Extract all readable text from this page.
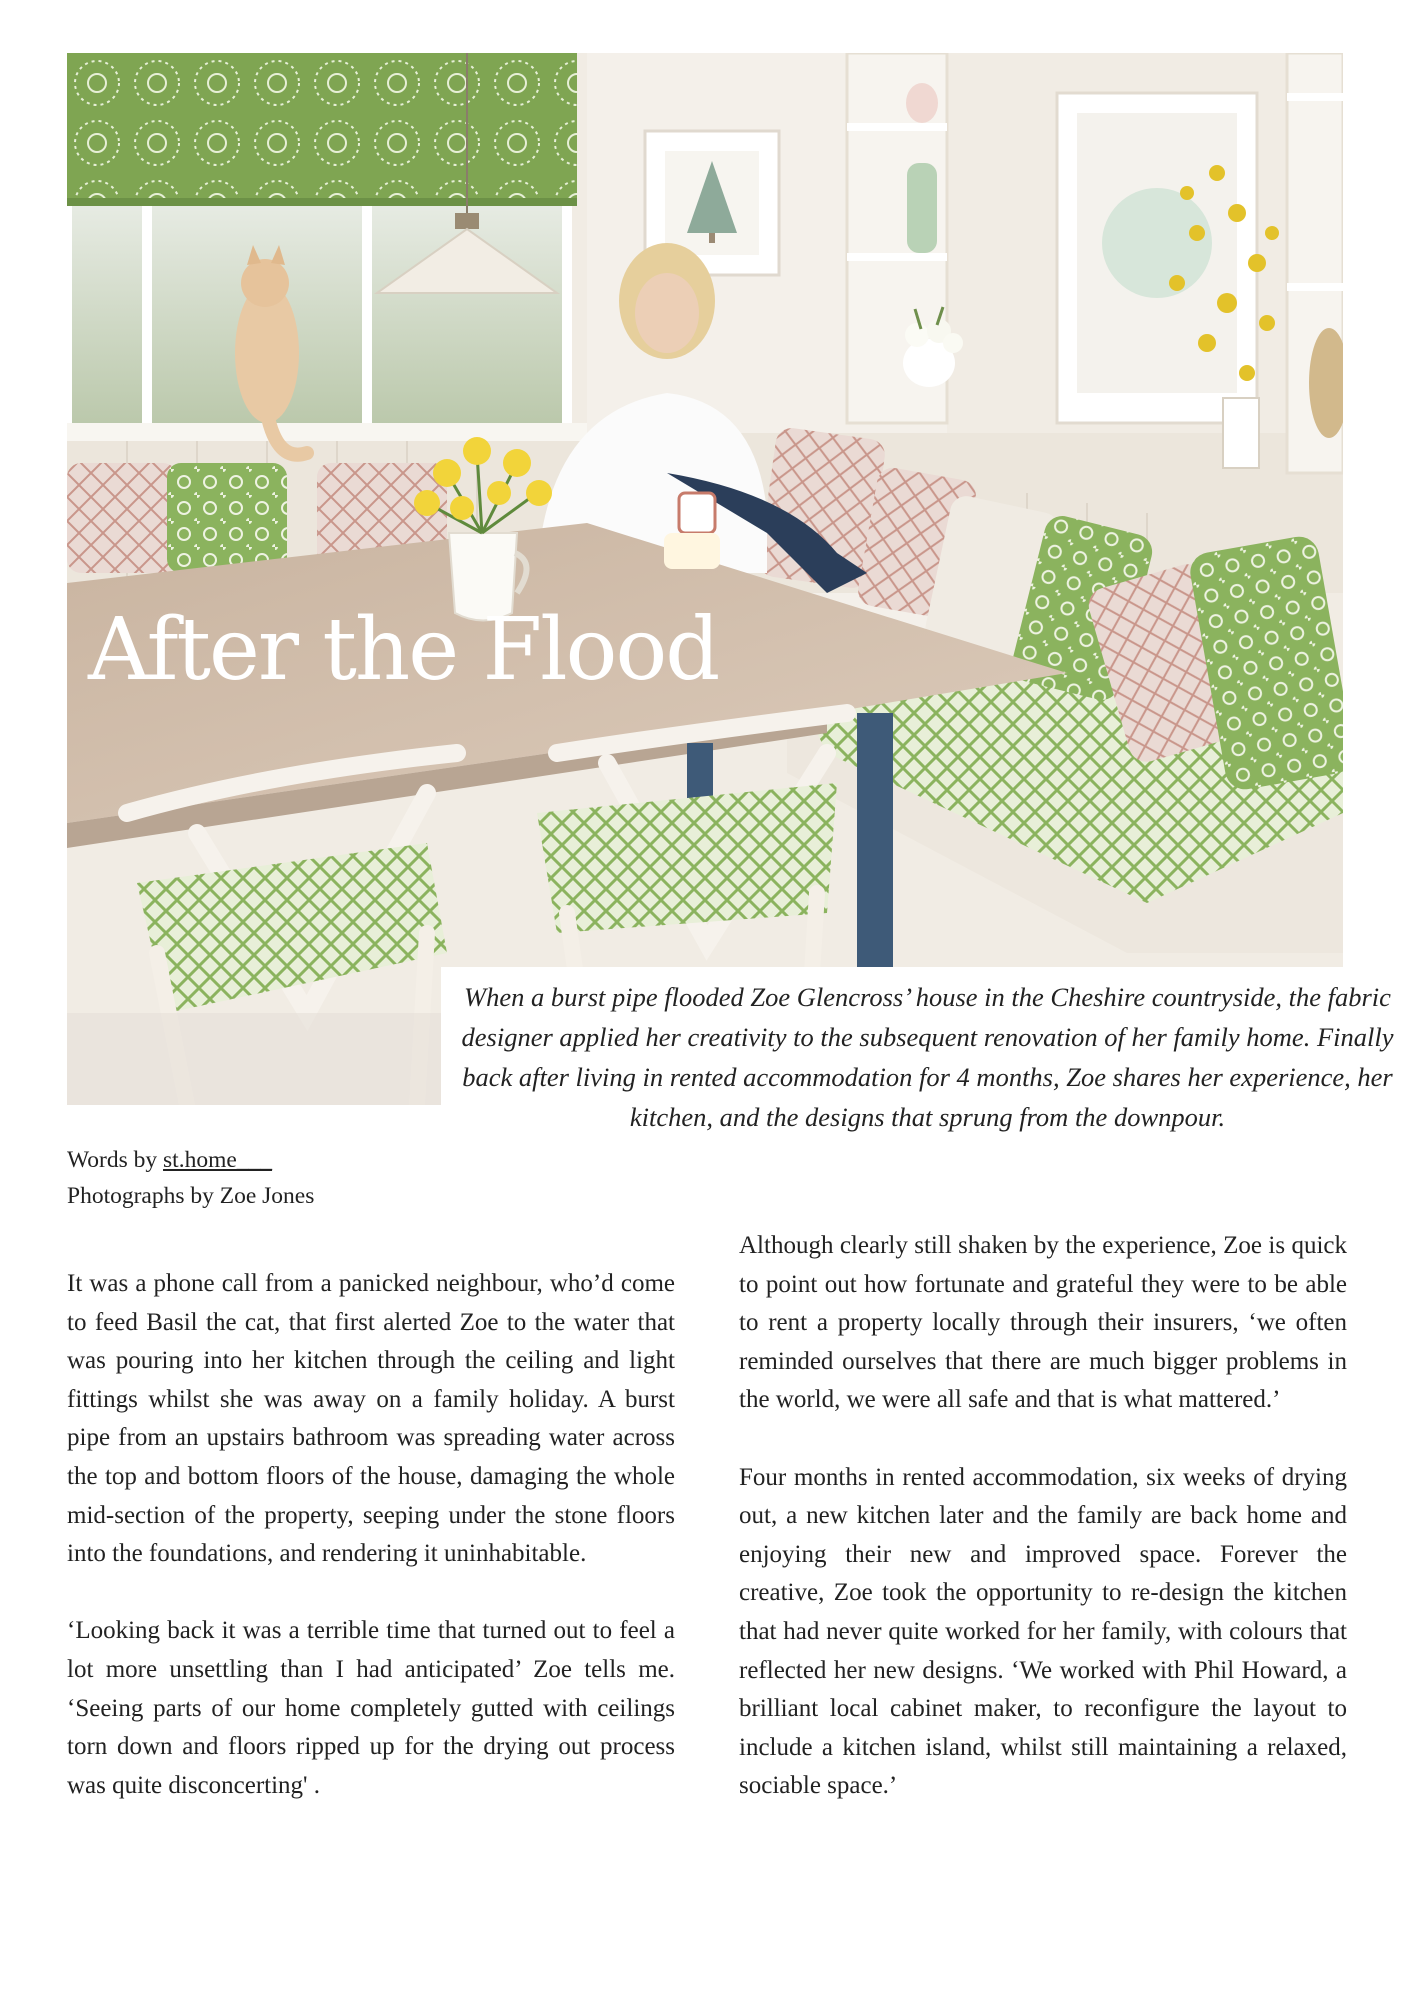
After the Flood

When a burst pipe flooded Zoe Glencross’ house in the Cheshire countryside, the fabric designer applied her creativity to the subsequent renovation of her family home. Finally back after living in rented accommodation for 4 months, Zoe shares her experience, her kitchen, and the designs that sprung from the downpour.

Words by st.home___
Photographs by Zoe Jones

It was a phone call from a panicked neighbour, who’d come to feed Basil the cat, that first alerted Zoe to the water that was pouring into her kitchen through the ceiling and light fittings whilst she was away on a family holiday. A burst pipe from an upstairs bathroom was spreading water across the top and bottom floors of the house, damaging the whole mid-section of the property, seeping under the stone floors into the foundations, and rendering it uninhabitable.

‘Looking back it was a terrible time that turned out to feel a lot more unsettling than I had anticipated’ Zoe tells me. ‘Seeing parts of our home completely gutted with ceilings torn down and floors ripped up for the drying out process was quite disconcerting' .

Although clearly still shaken by the experience, Zoe is quick to point out how fortunate and grateful they were to be able to rent a property locally through their insurers, ‘we often reminded ourselves that there are much bigger problems in the world, we were all safe and that is what mattered.’

Four months in rented accommodation, six weeks of drying out, a new kitchen later and the family are back home and enjoying their new and improved space. Forever the creative, Zoe took the opportunity to re-design the kitchen that had never quite worked for her family, with colours that reflected her new designs. ‘We worked with Phil Howard, a brilliant local cabinet maker, to reconfigure the layout to include a kitchen island, whilst still maintaining a relaxed, sociable space.’
